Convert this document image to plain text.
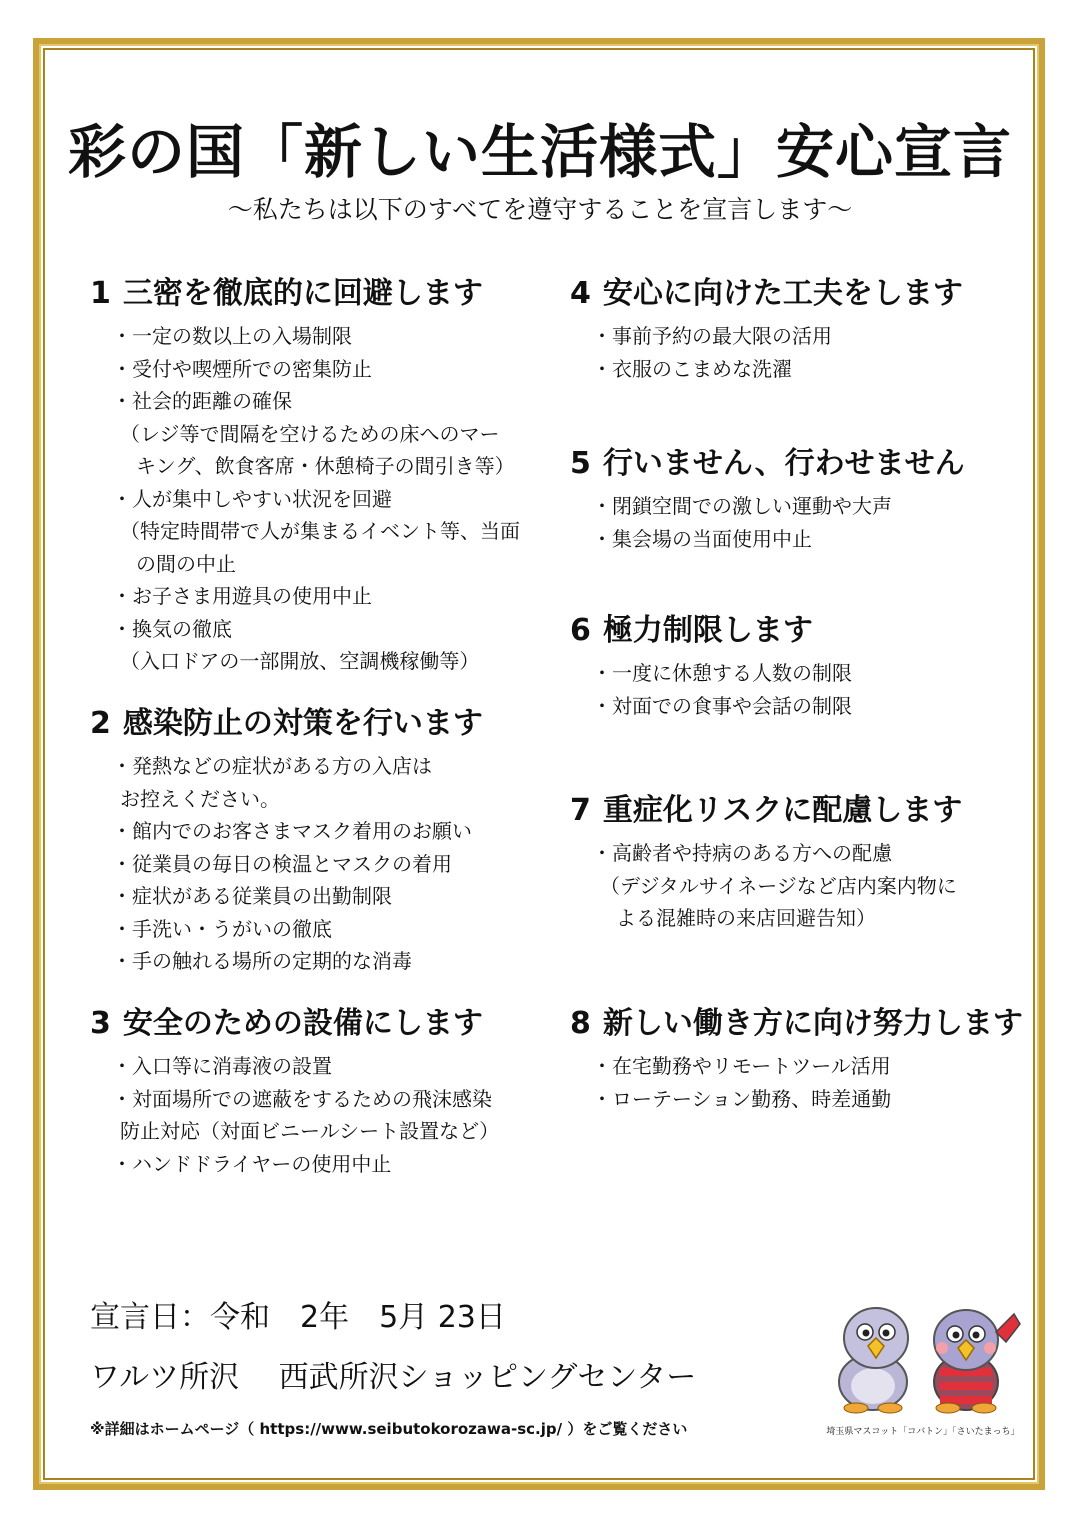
彩の国「新しい生活様式」安心宣言
〜私たちは以下のすべてを遵守することを宣言します〜
1 三密を徹底的に回避します
・一定の数以上の入場制限
・受付や喫煙所での密集防止
・社会的距離の確保
（レジ等で間隔を空けるための床へのマー
キング、飲食客席・休憩椅子の間引き等）
・人が集中しやすい状況を回避
（特定時間帯で人が集まるイベント等、当面
の間の中止
・お子さま用遊具の使用中止
・換気の徹底
（入口ドアの一部開放、空調機稼働等）
2 感染防止の対策を行います
・発熱などの症状がある方の入店は
お控えください。
・館内でのお客さまマスク着用のお願い
・従業員の毎日の検温とマスクの着用
・症状がある従業員の出勤制限
・手洗い・うがいの徹底
・手の触れる場所の定期的な消毒
3 安全のための設備にします
・入口等に消毒液の設置
・対面場所での遮蔽をするための飛沫感染
防止対応（対面ビニールシート設置など）
・ハンドドライヤーの使用中止
4 安心に向けた工夫をします
・事前予約の最大限の活用
・衣服のこまめな洗濯
5 行いません、行わせません
・閉鎖空間での激しい運動や大声
・集会場の当面使用中止
6 極力制限します
・一度に休憩する人数の制限
・対面での食事や会話の制限
7 重症化リスクに配慮します
・高齢者や持病のある方への配慮
（デジタルサイネージなど店内案内物に
よる混雑時の来店回避告知）
8 新しい働き方に向け努力します
・在宅勤務やリモートツール活用
・ローテーション勤務、時差通勤
宣言日：令和　2年　5月 23日
ワルツ所沢　 西武所沢ショッピングセンター
※詳細はホームページ（ https://www.seibutokorozawa-sc.jp/ ）をご覧ください	埼玉県マスコット「コバトン」「さいたまっち」
